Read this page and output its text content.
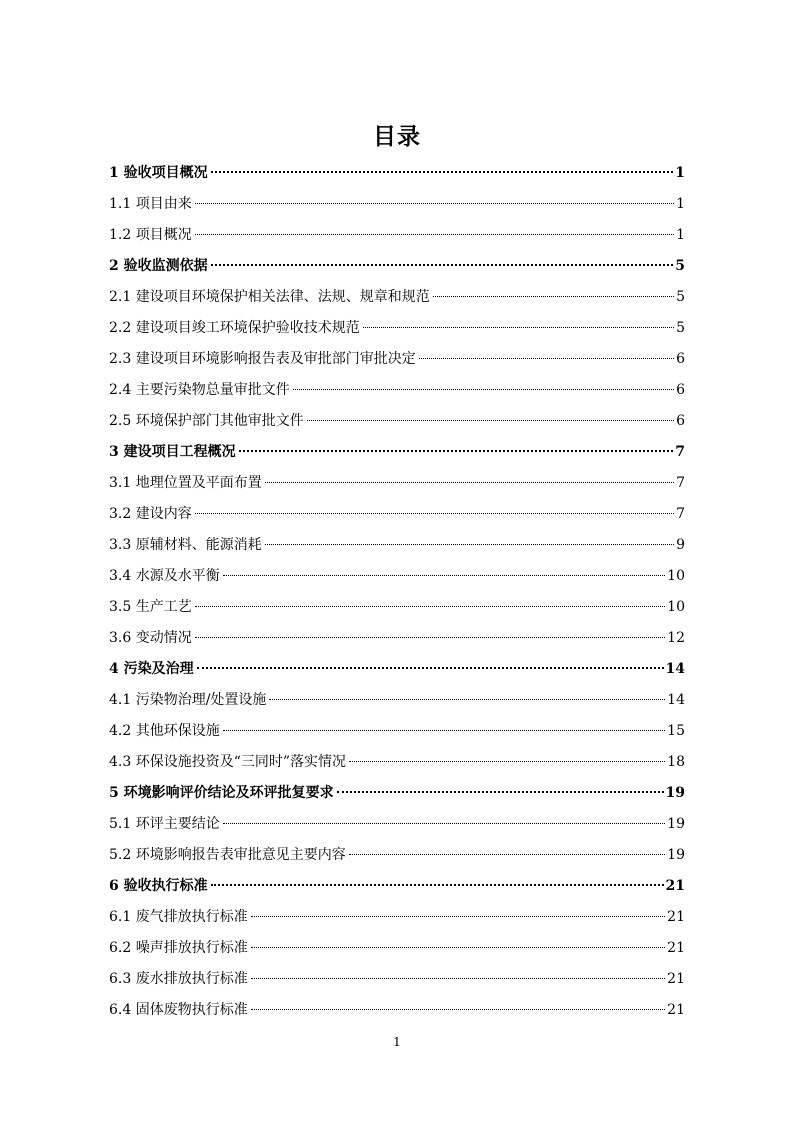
目录
1 验收项目概况	1
1.1 项目由来	1
1.2 项目概况	1
2 验收监测依据	5
2.1 建设项目环境保护相关法律、法规、规章和规范	5
2.2 建设项目竣工环境保护验收技术规范	5
2.3 建设项目环境影响报告表及审批部门审批决定	6
2.4 主要污染物总量审批文件	6
2.5 环境保护部门其他审批文件	6
3 建设项目工程概况	7
3.1 地理位置及平面布置	7
3.2 建设内容	7
3.3 原辅材料、能源消耗	9
3.4 水源及水平衡	10
3.5 生产工艺	10
3.6 变动情况	12
4 污染及治理	14
4.1 污染物治理/处置设施	14
4.2 其他环保设施	15
4.3 环保设施投资及“三同时”落实情况	18
5 环境影响评价结论及环评批复要求	19
5.1 环评主要结论	19
5.2 环境影响报告表审批意见主要内容	19
6 验收执行标准	21
6.1 废气排放执行标准	21
6.2 噪声排放执行标准	21
6.3 废水排放执行标准	21
6.4 固体废物执行标准	21
1
